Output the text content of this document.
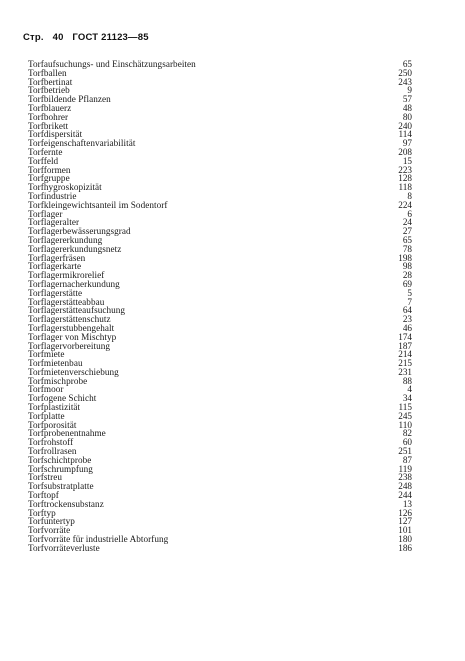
Стр. 40 ГОСТ 21123—85
Torfaufsuchungs- und Einschätzungsarbeiten	65
Torfballen	250
Torfbertinat	243
Torfbetrieb	9
Torfbildende Pflanzen	57
Torfblauerz	48
Torfbohrer	80
Torfbrikett	240
Torfdispersität	114
Torfeigenschaftenvariabilität	97
Torfernte	208
Torffeld	15
Torfformen	223
Torfgruppe	128
Torfhygroskopizität	118
Torfindustrie	8
Torfkleingewichtsanteil im Sodentorf	224
Torflager	6
Torflageralter	24
Torflagerbewässerungsgrad	27
Torflagererkundung	65
Torflagererkundungsnetz	78
Torflagerfräsen	198
Torflagerkarte	98
Torflagermikrorelief	28
Torflagernacherkundung	69
Torflagerstätte	5
Torflagerstätteabbau	7
Torflagerstätteaufsuchung	64
Torflagerstättenschutz	23
Torflagerstubbengehalt	46
Torflager von Mischtyp	174
Torflagervorbereitung	187
Torfmiete	214
Torfmietenbau	215
Torfmietenverschiebung	231
Torfmischprobe	88
Torfmoor	4
Torfogene Schicht	34
Torfplastizität	115
Torfplatte	245
Torfporosität	110
Torfprobenentnahme	82
Torfrohstoff	60
Torfrollrasen	251
Torfschichtprobe	87
Torfschrumpfung	119
Torfstreu	238
Torfsubstratplatte	248
Torftopf	244
Torftrockensubstanz	13
Torftyp	126
Torfuntertyp	127
Torfvorräte	101
Torfvorräte für industrielle Abtorfung	180
Torfvorräteverluste	186
